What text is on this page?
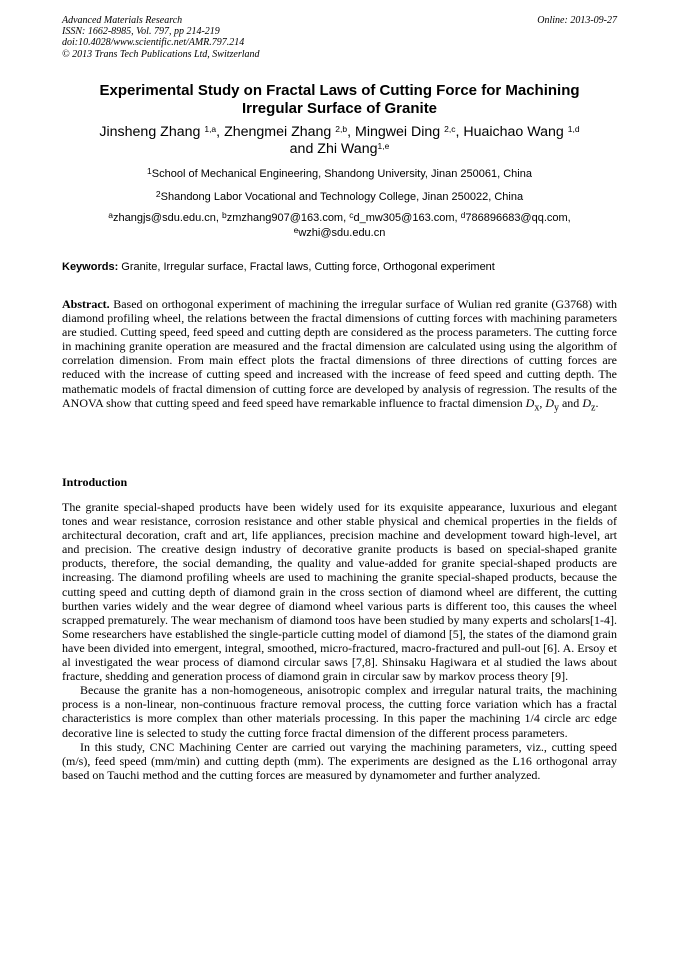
Advanced Materials Research
ISSN: 1662-8985, Vol. 797, pp 214-219
doi:10.4028/www.scientific.net/AMR.797.214
© 2013 Trans Tech Publications Ltd, Switzerland
Online: 2013-09-27
Experimental Study on Fractal Laws of Cutting Force for Machining
Irregular Surface of Granite
Jinsheng Zhang $^{1,a}$, Zhengmei Zhang $^{2,b}$, Mingwei Ding $^{2,c}$, Huaichao Wang $^{1,d}$
and Zhi Wang$^{1,e}$
$^1$School of Mechanical Engineering, Shandong University, Jinan 250061, China
$^2$Shandong Labor Vocational and Technology College, Jinan 250022, China
$^a$zhangjs@sdu.edu.cn, $^b$zmzhang907@163.com, $^c$d_mw305@163.com, $^d$786896683@qq.com,
$^e$wzhi@sdu.edu.cn
Keywords: Granite, Irregular surface, Fractal laws, Cutting force, Orthogonal experiment
Abstract. Based on orthogonal experiment of machining the irregular surface of Wulian red granite (G3768) with diamond profiling wheel, the relations between the fractal dimensions of cutting forces with machining parameters are studied. Cutting speed, feed speed and cutting depth are considered as the process parameters. The cutting force in machining granite operation are measured and the fractal dimension are calculated using using the algorithm of correlation dimension. From main effect plots the fractal dimensions of three directions of cutting forces are reduced with the increase of cutting speed and increased with the increase of feed speed and cutting depth. The mathematic models of fractal dimension of cutting force are developed by analysis of regression. The results of the ANOVA show that cutting speed and feed speed have remarkable influence to fractal dimension $D_x$, $D_y$ and $D_z$.
Introduction

The granite special-shaped products have been widely used for its exquisite appearance, luxurious and elegant tones and wear resistance, corrosion resistance and other stable physical and chemical properties in the fields of architectural decoration, craft and art, life appliances, precision machine and development toward high-level, art and precision. The creative design industry of decorative granite products is based on special-shaped granite products, therefore, the social demanding, the quality and value-added for granite special-shaped products are increasing. The diamond profiling wheels are used to machining the granite special-shaped products, because the cutting speed and cutting depth of diamond grain in the cross section of diamond wheel are different, the cutting burthen varies widely and the wear degree of diamond wheel various parts is different too, this causes the wheel scrapped prematurely. The wear mechanism of diamond toos have been studied by many experts and scholars[1-4]. Some researchers have established the single-particle cutting model of diamond [5], the states of the diamond grain have been divided into emergent, integral, smoothed, micro-fractured, macro-fractured and pull-out [6]. A. Ersoy et al investigated the wear process of diamond circular saws [7,8]. Shinsaku Hagiwara et al studied the laws about fracture, shedding and generation process of diamond grain in circular saw by markov process theory [9].

Because the granite has a non-homogeneous, anisotropic complex and irregular natural traits, the machining process is a non-linear, non-continuous fracture removal process, the cutting force variation which has a fractal characteristics is more complex than other materials processing. In this paper the machining 1/4 circle arc edge decorative line is selected to study the cutting force fractal dimension of the different process parameters.

In this study, CNC Machining Center are carried out varying the machining parameters, viz., cutting speed (m/s), feed speed (mm/min) and cutting depth (mm). The experiments are designed as the L16 orthogonal array based on Tauchi method and the cutting forces are measured by dynamometer and further analyzed.
